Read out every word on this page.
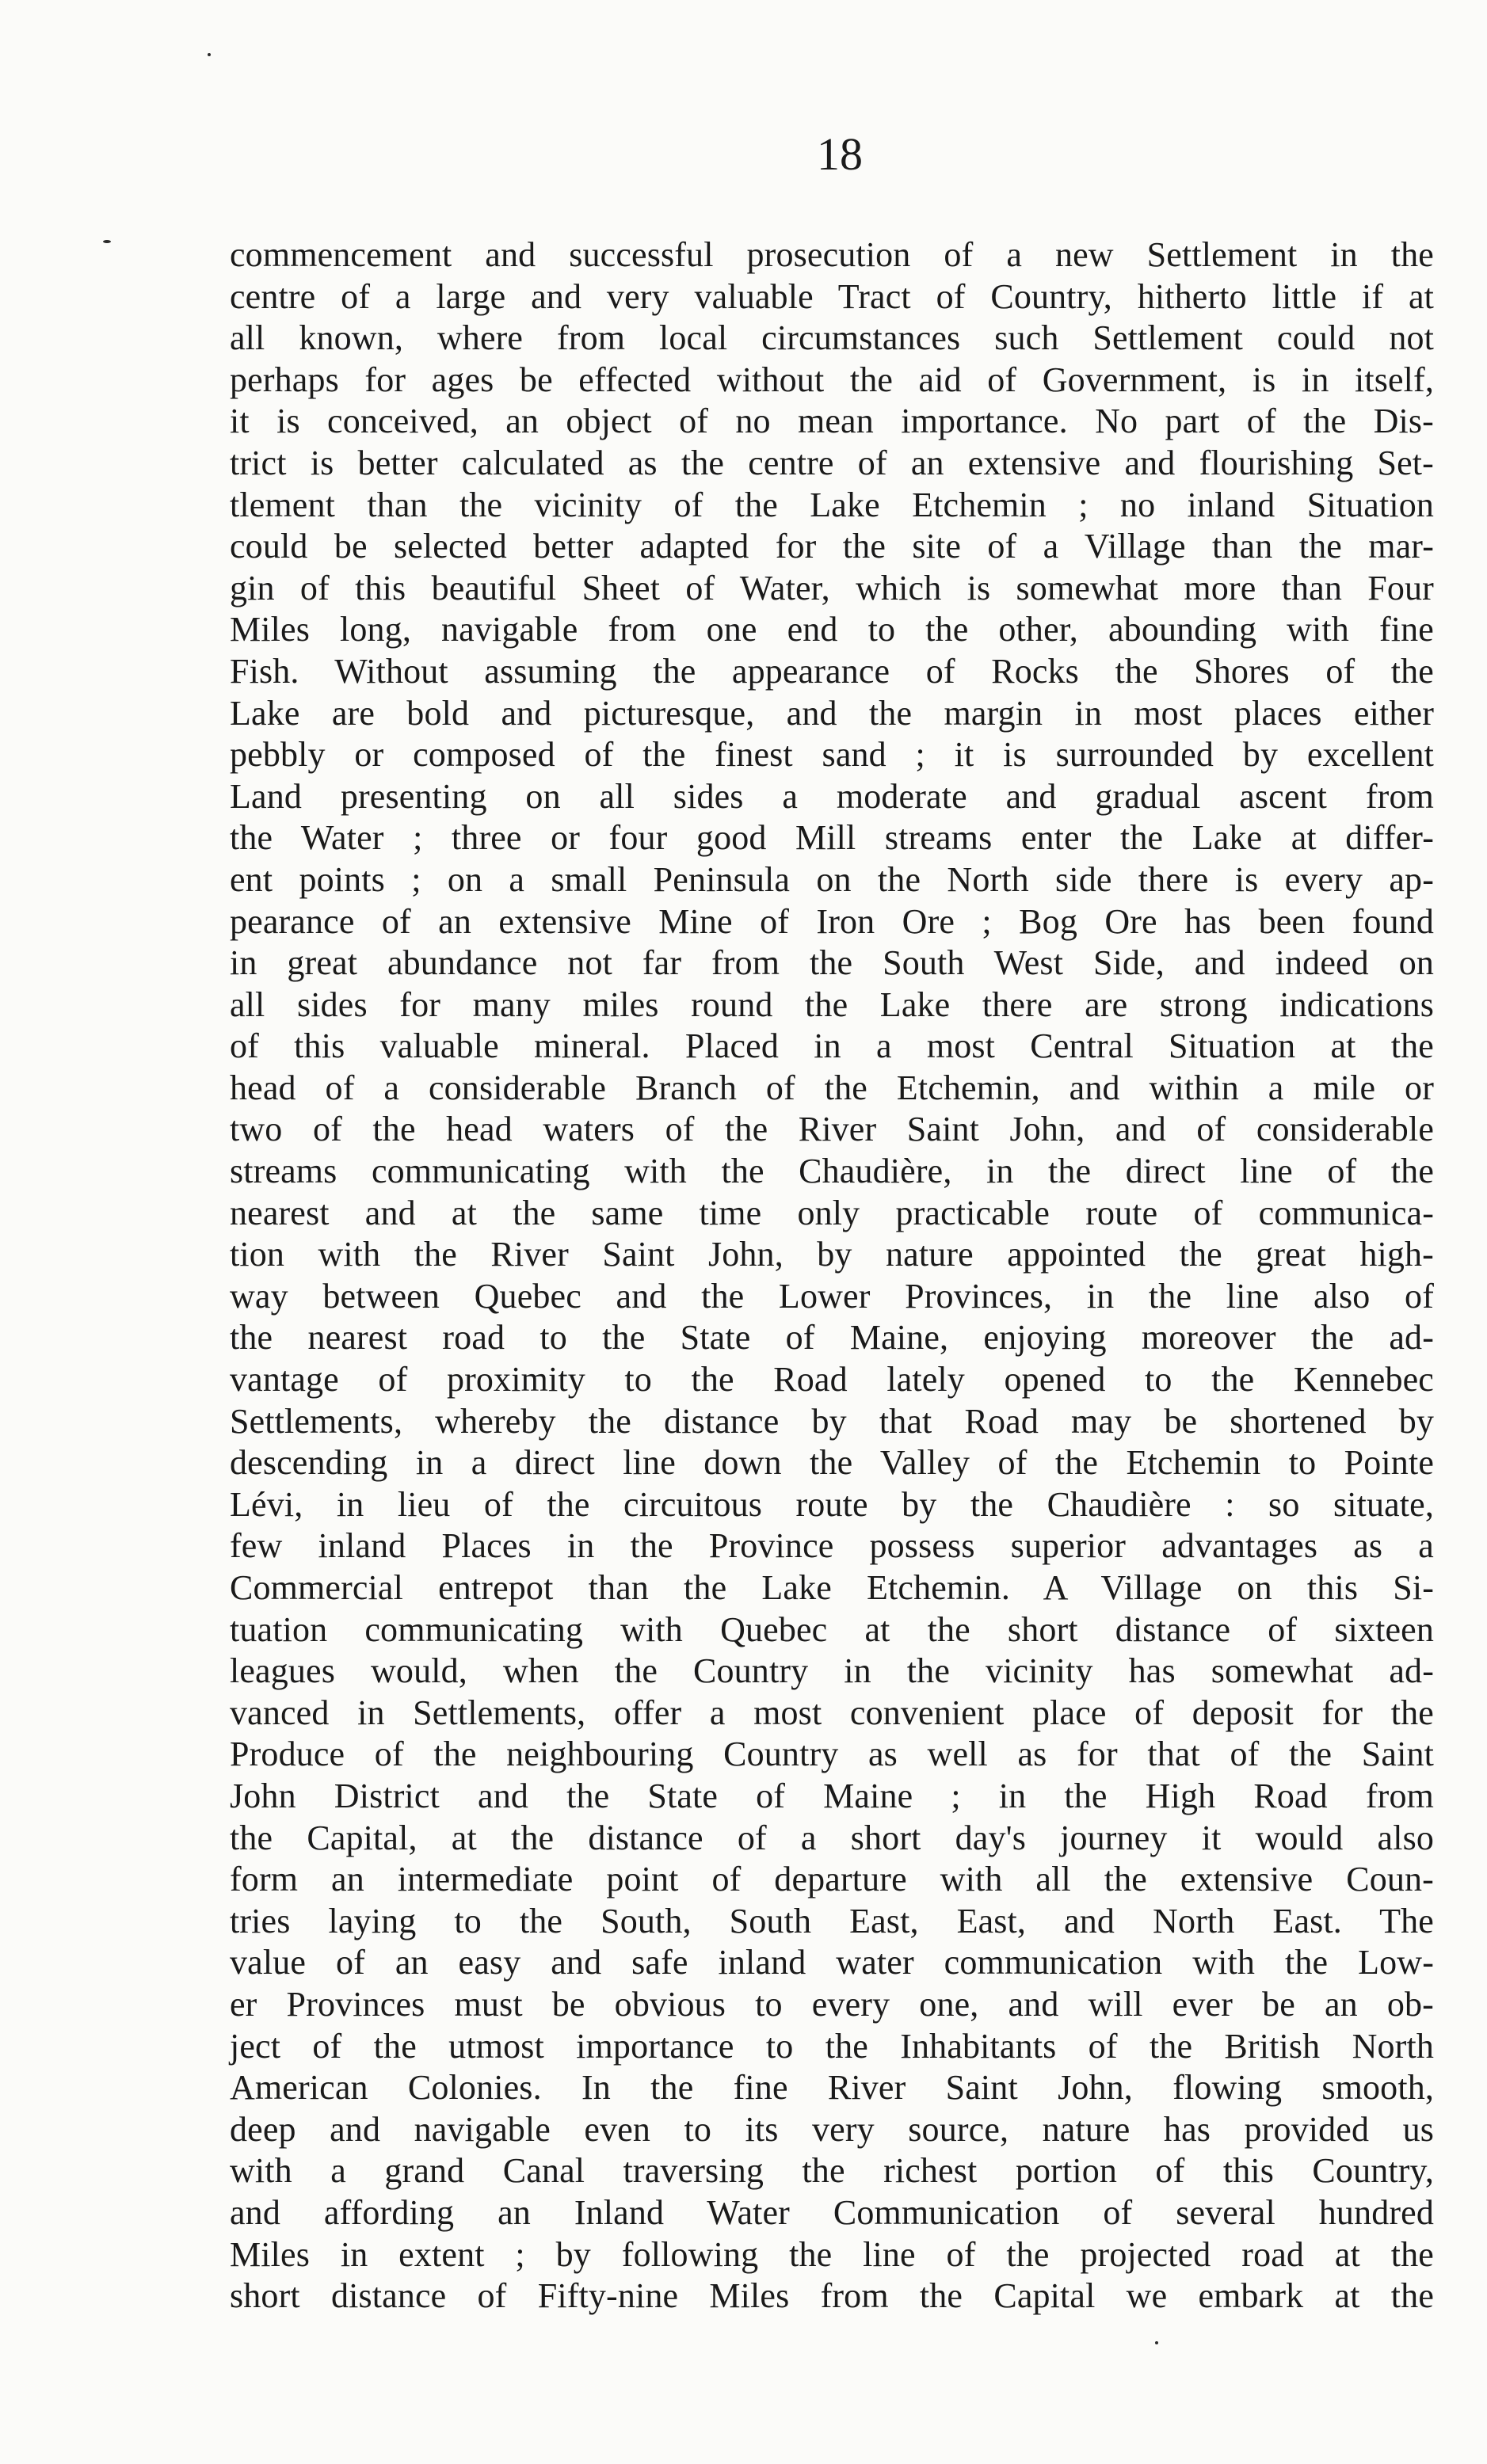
18
commencement and successful prosecution of a new Settlement in the
centre of a large and very valuable Tract of Country, hitherto little if at
all known, where from local circumstances such Settlement could not
perhaps for ages be effected without the aid of Government, is in itself,
it is conceived, an object of no mean importance. No part of the Dis-
trict is better calculated as the centre of an extensive and flourishing Set-
tlement than the vicinity of the Lake Etchemin ; no inland Situation
could be selected better adapted for the site of a Village than the mar-
gin of this beautiful Sheet of Water, which is somewhat more than Four
Miles long, navigable from one end to the other, abounding with fine
Fish. Without assuming the appearance of Rocks the Shores of the
Lake are bold and picturesque, and the margin in most places either
pebbly or composed of the finest sand ; it is surrounded by excellent
Land presenting on all sides a moderate and gradual ascent from
the Water ; three or four good Mill streams enter the Lake at differ-
ent points ; on a small Peninsula on the North side there is every ap-
pearance of an extensive Mine of Iron Ore ; Bog Ore has been found
in great abundance not far from the South West Side, and indeed on
all sides for many miles round the Lake there are strong indications
of this valuable mineral. Placed in a most Central Situation at the
head of a considerable Branch of the Etchemin, and within a mile or
two of the head waters of the River Saint John, and of considerable
streams communicating with the Chaudière, in the direct line of the
nearest and at the same time only practicable route of communica-
tion with the River Saint John, by nature appointed the great high-
way between Quebec and the Lower Provinces, in the line also of
the nearest road to the State of Maine, enjoying moreover the ad-
vantage of proximity to the Road lately opened to the Kennebec
Settlements, whereby the distance by that Road may be shortened by
descending in a direct line down the Valley of the Etchemin to Pointe
Lévi, in lieu of the circuitous route by the Chaudière : so situate,
few inland Places in the Province possess superior advantages as a
Commercial entrepot than the Lake Etchemin. A Village on this Si-
tuation communicating with Quebec at the short distance of sixteen
leagues would, when the Country in the vicinity has somewhat ad-
vanced in Settlements, offer a most convenient place of deposit for the
Produce of the neighbouring Country as well as for that of the Saint
John District and the State of Maine ; in the High Road from
the Capital, at the distance of a short day's journey it would also
form an intermediate point of departure with all the extensive Coun-
tries laying to the South, South East, East, and North East. The
value of an easy and safe inland water communication with the Low-
er Provinces must be obvious to every one, and will ever be an ob-
ject of the utmost importance to the Inhabitants of the British North
American Colonies. In the fine River Saint John, flowing smooth,
deep and navigable even to its very source, nature has provided us
with a grand Canal traversing the richest portion of this Country,
and affording an Inland Water Communication of several hundred
Miles in extent ; by following the line of the projected road at the
short distance of Fifty-nine Miles from the Capital we embark at the
